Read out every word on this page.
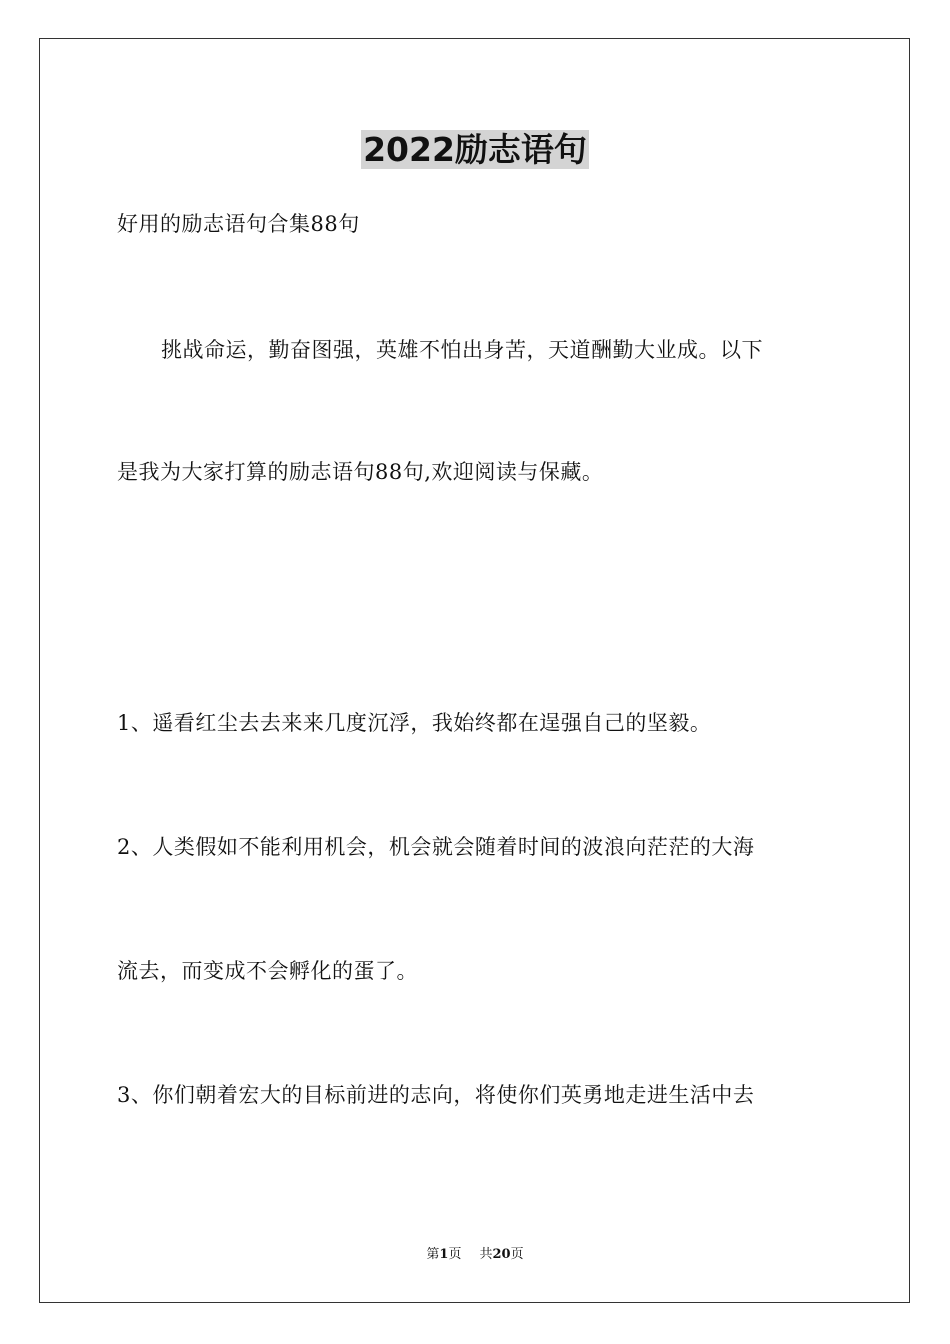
2022励志语句
好用的励志语句合集88句
挑战命运，勤奋图强，英雄不怕出身苦，天道酬勤大业成。以下
是我为大家打算的励志语句88句,欢迎阅读与保藏。
1、遥看红尘去去来来几度沉浮，我始终都在逞强自己的坚毅。
2、人类假如不能利用机会，机会就会随着时间的波浪向茫茫的大海
流去，而变成不会孵化的蛋了。
3、你们朝着宏大的目标前进的志向，将使你们英勇地走进生活中去
第1页 共20页
